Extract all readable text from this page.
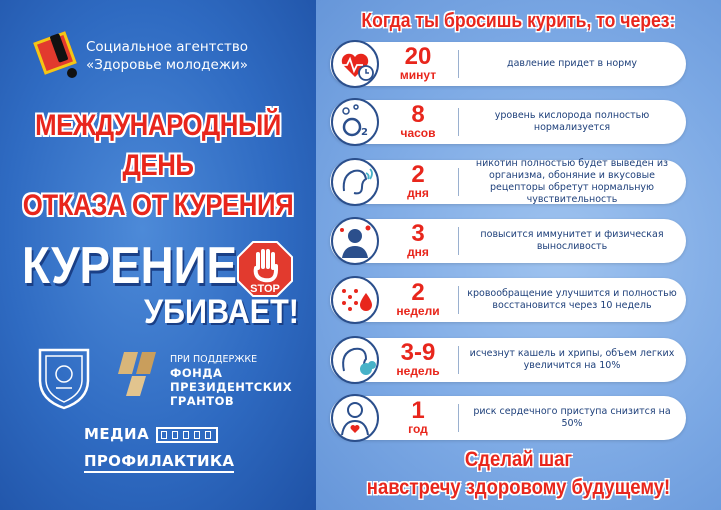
Социальное агентство
«Здоровье молодежи»
МЕЖДУНАРОДНЫЙ
ДЕНЬ
ОТКАЗА ОТ КУРЕНИЯ
КУРЕНИЕ STOP
УБИВАЕТ!
ПРИ ПОДДЕРЖКЕ
ФОНДА
ПРЕЗИДЕНТСКИХ
ГРАНТОВ
МЕДИА
ПРОФИЛАКТИКА
Когда ты бросишь курить, то через:
20
минут
давление придет в норму
2
8
часов
уровень кислорода полностью нормализуется
2
дня
никотин полностью будет выведен из организма, обоняние и вкусовые рецепторы обретут нормальную чувствительность
3
дня
повысится иммунитет и физическая выносливость
2
недели
кровообращение улучшится и полностью восстановится через 10 недель
3-9
недель
исчезнут кашель и хрипы, объем легких увеличится на 10%
1
год
риск сердечного приступа снизится на 50%
Сделай шаг
навстречу здоровому будущему!
